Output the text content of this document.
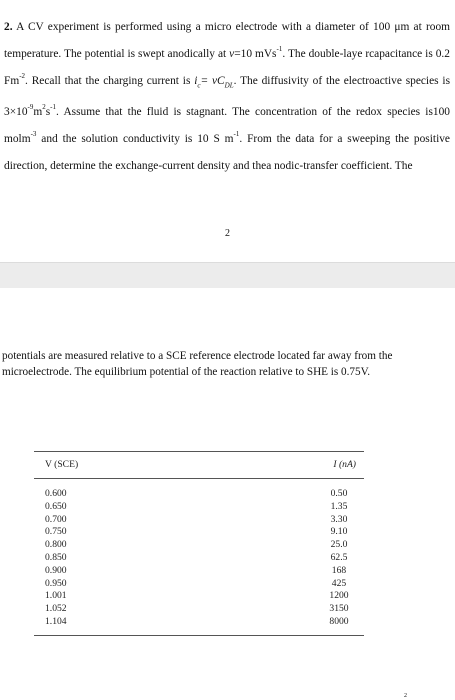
2. A CV experiment is performed using a micro electrode with a diameter of 100 μm at room temperature. The potential is swept anodically at v=10 mVs$^{-1}$. The double-laye rcapacitance is 0.2 $Fm^{-2}$. Recall that the charging current is $i_c= vC_{DL}$. The diffusivity of the electroactive species is $3\times 10^{-9}m^2s^{-1}$. Assume that the fluid is stagnant. The concentration of the redox species is100 molm$^{-3}$ and the solution conductivity is 10 S $m^{-1}$. From the data for a sweeping the positive direction, determine the exchange-current density and thea nodic-transfer coefficient. The
2
potentials are measured relative to a SCE reference electrode located far away from the microelectrode. The equilibrium potential of the reaction relative to SHE is 0.75V.
V (SCE)	I (nA)
0.600	0.50
0.650	1.35
0.700	3.30
0.750	9.10
0.800	25.0
0.850	62.5
0.900	168
0.950	425
1.001	1200
1.052	3150
1.104	8000
2
